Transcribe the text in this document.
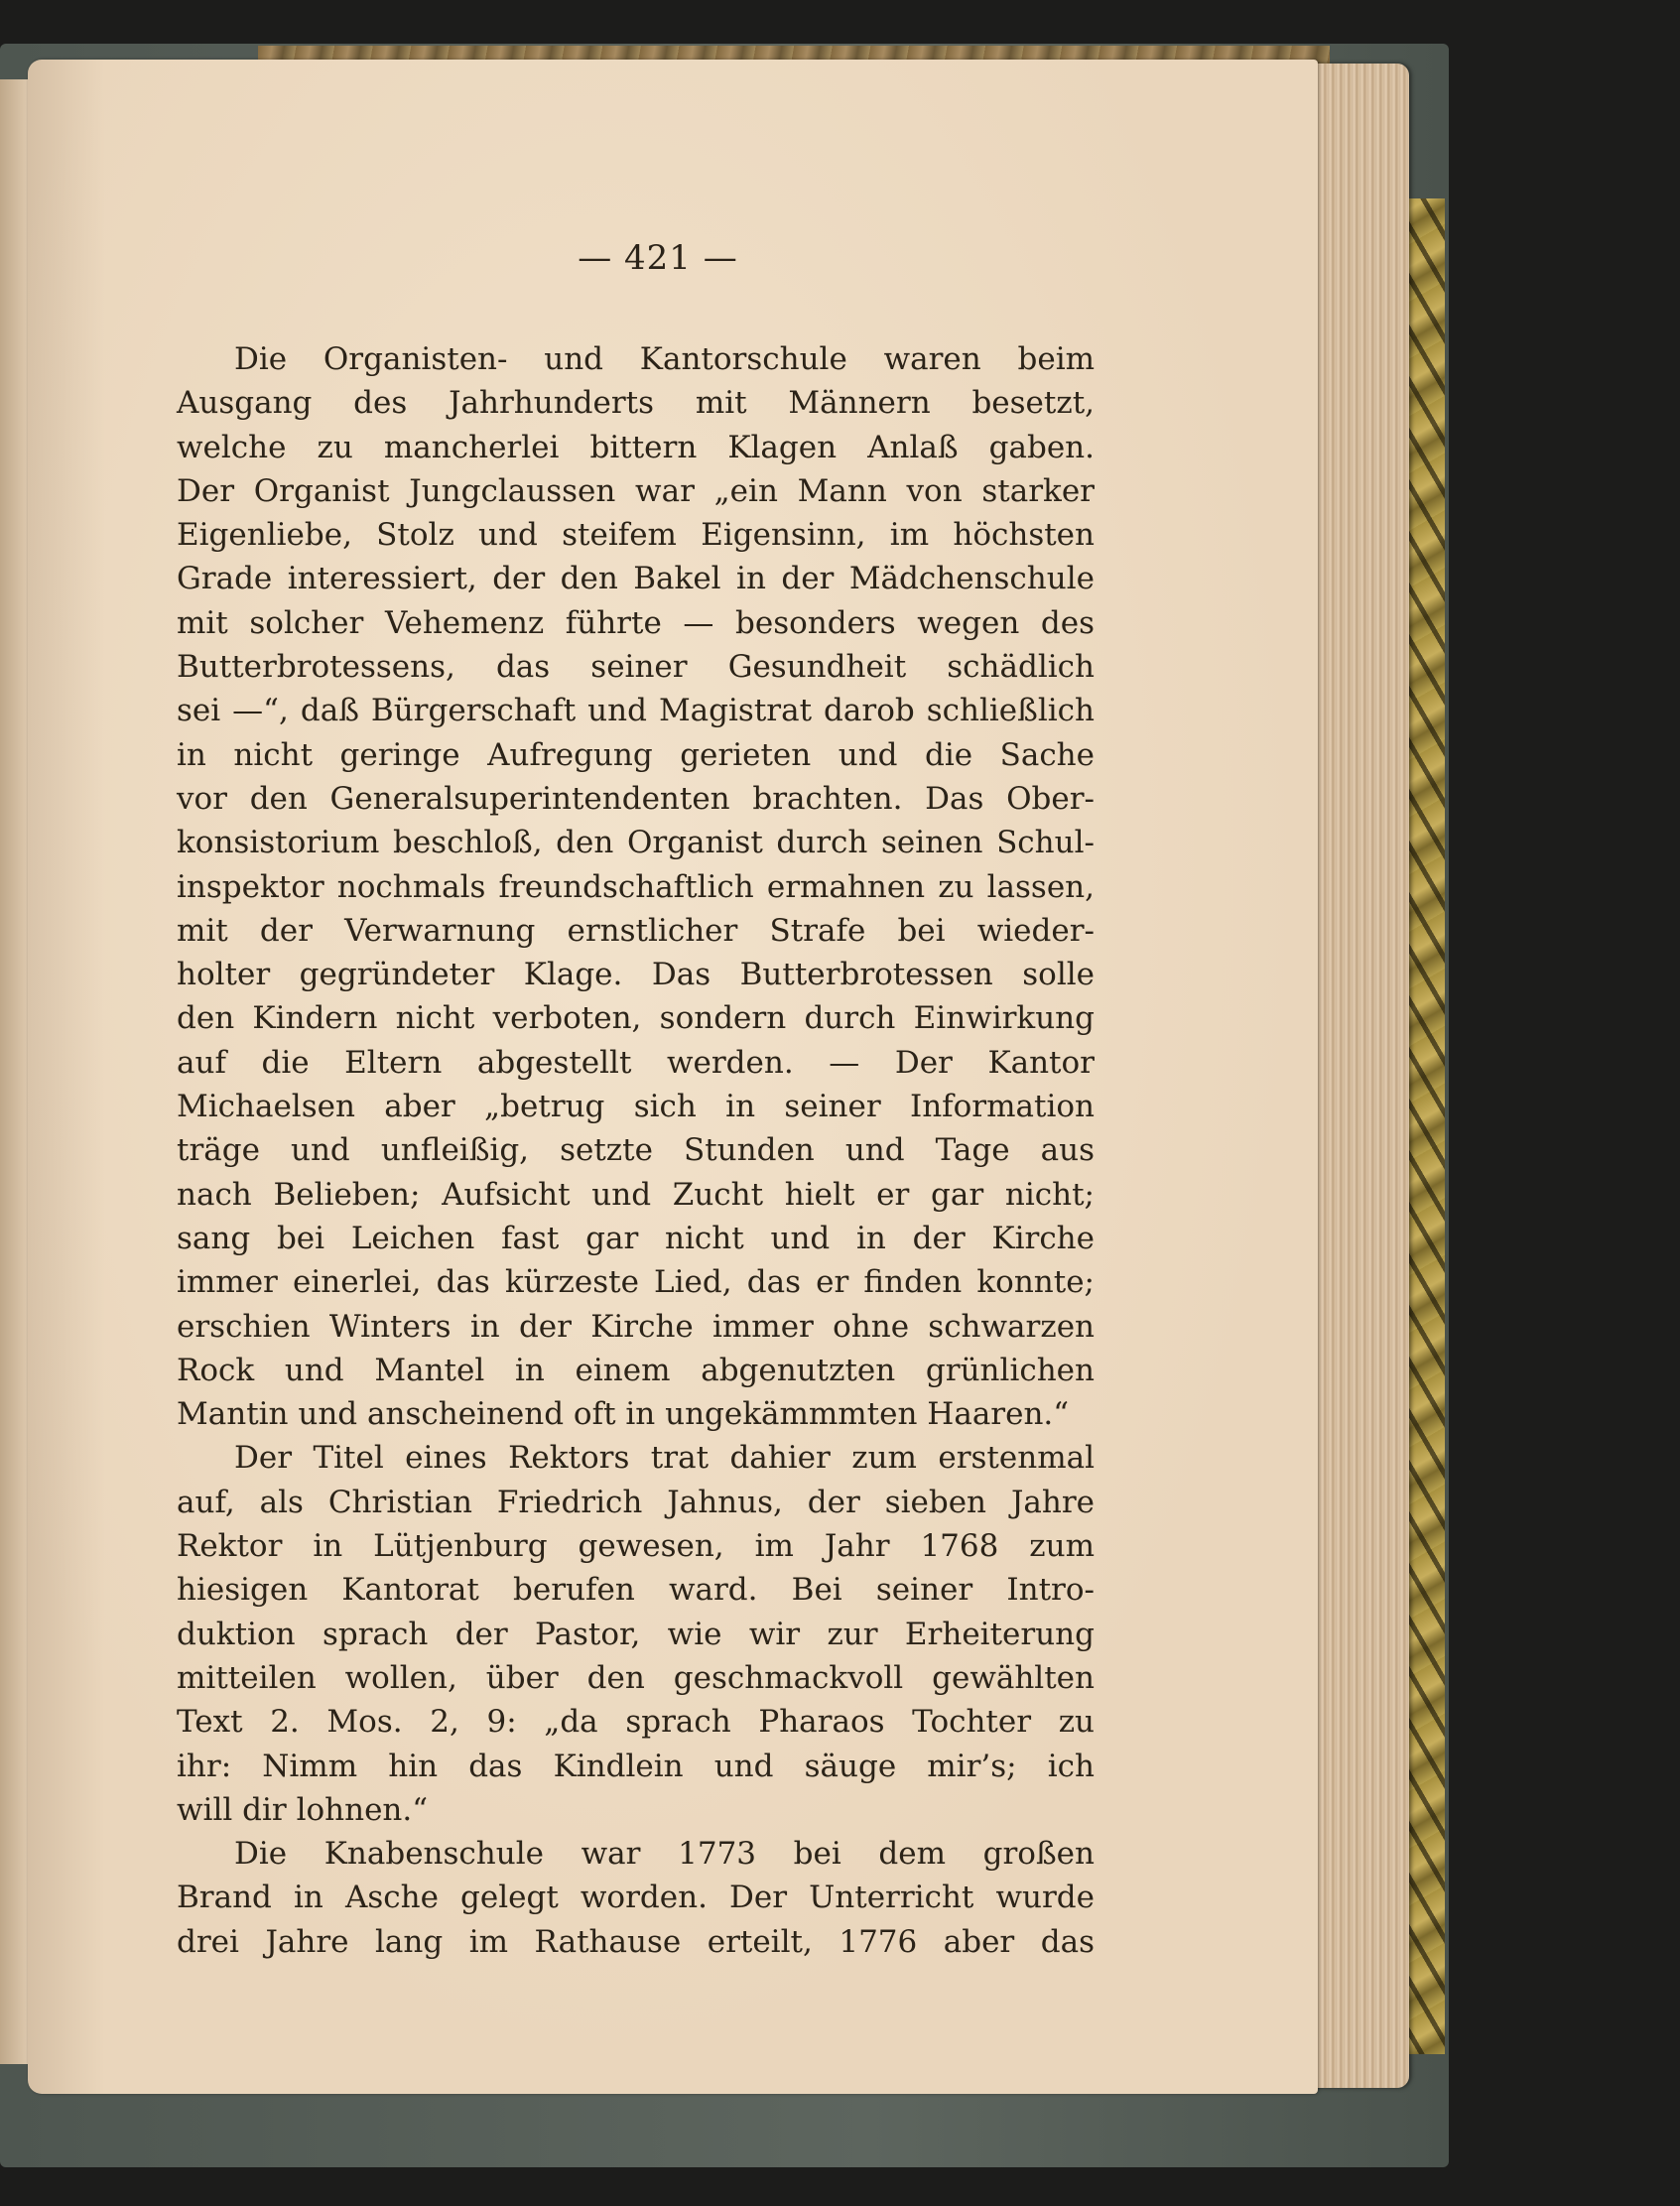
— 421 —
Die Organisten- und Kantorschule waren beim
Ausgang des Jahrhunderts mit Männern besetzt,
welche zu mancherlei bittern Klagen Anlaß gaben.
Der Organist Jungclaussen war „ein Mann von starker
Eigenliebe, Stolz und steifem Eigensinn, im höchsten
Grade interessiert, der den Bakel in der Mädchenschule
mit solcher Vehemenz führte — besonders wegen des
Butterbrotessens, das seiner Gesundheit schädlich
sei —“, daß Bürgerschaft und Magistrat darob schließlich
in nicht geringe Aufregung gerieten und die Sache
vor den Generalsuperintendenten brachten. Das Ober-
konsistorium beschloß, den Organist durch seinen Schul-
inspektor nochmals freundschaftlich ermahnen zu lassen,
mit der Verwarnung ernstlicher Strafe bei wieder-
holter gegründeter Klage. Das Butterbrotessen solle
den Kindern nicht verboten, sondern durch Einwirkung
auf die Eltern abgestellt werden. — Der Kantor
Michaelsen aber „betrug sich in seiner Information
träge und unfleißig, setzte Stunden und Tage aus
nach Belieben; Aufsicht und Zucht hielt er gar nicht;
sang bei Leichen fast gar nicht und in der Kirche
immer einerlei, das kürzeste Lied, das er finden konnte;
erschien Winters in der Kirche immer ohne schwarzen
Rock und Mantel in einem abgenutzten grünlichen
Mantin und anscheinend oft in ungekämmmten Haaren.“
Der Titel eines Rektors trat dahier zum erstenmal
auf, als Christian Friedrich Jahnus, der sieben Jahre
Rektor in Lütjenburg gewesen, im Jahr 1768 zum
hiesigen Kantorat berufen ward. Bei seiner Intro-
duktion sprach der Pastor, wie wir zur Erheiterung
mitteilen wollen, über den geschmackvoll gewählten
Text 2. Mos. 2, 9: „da sprach Pharaos Tochter zu
ihr: Nimm hin das Kindlein und säuge mir’s; ich
will dir lohnen.“
Die Knabenschule war 1773 bei dem großen
Brand in Asche gelegt worden. Der Unterricht wurde
drei Jahre lang im Rathause erteilt, 1776 aber das
